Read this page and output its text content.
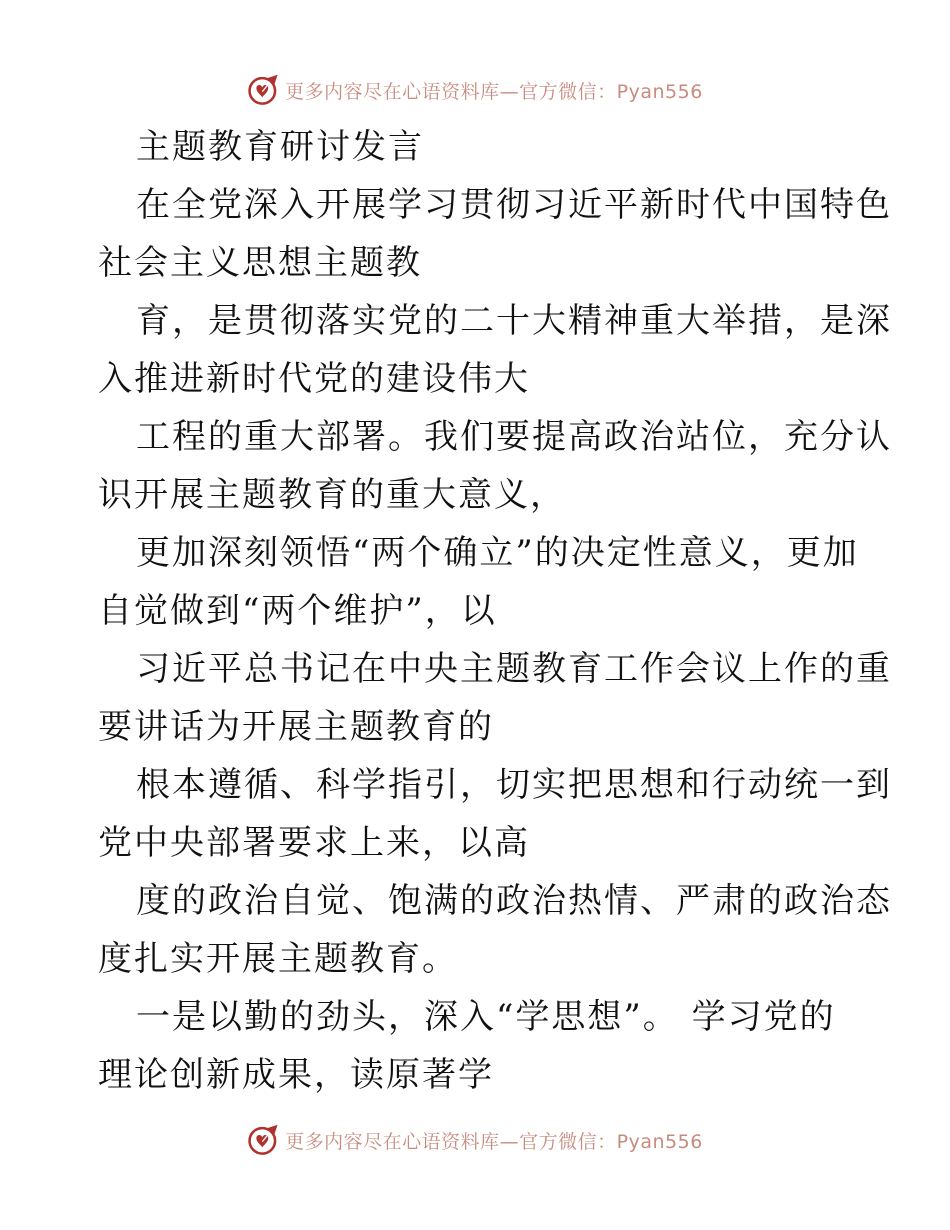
更多内容尽在心语资料库—官方微信：Pyan556
主题教育研讨发言
在全党深入开展学习贯彻习近平新时代中国特色
社会主义思想主题教
育，是贯彻落实党的二十大精神重大举措，是深
入推进新时代党的建设伟大
工程的重大部署。我们要提高政治站位，充分认
识开展主题教育的重大意义，
更加深刻领悟“两个确立”的决定性意义，更加
自觉做到“两个维护”，以
习近平总书记在中央主题教育工作会议上作的重
要讲话为开展主题教育的
根本遵循、科学指引，切实把思想和行动统一到
党中央部署要求上来，以高
度的政治自觉、饱满的政治热情、严肃的政治态
度扎实开展主题教育。
一是以勤的劲头，深入“学思想”。 学习党的
理论创新成果，读原著学
更多内容尽在心语资料库—官方微信：Pyan556
